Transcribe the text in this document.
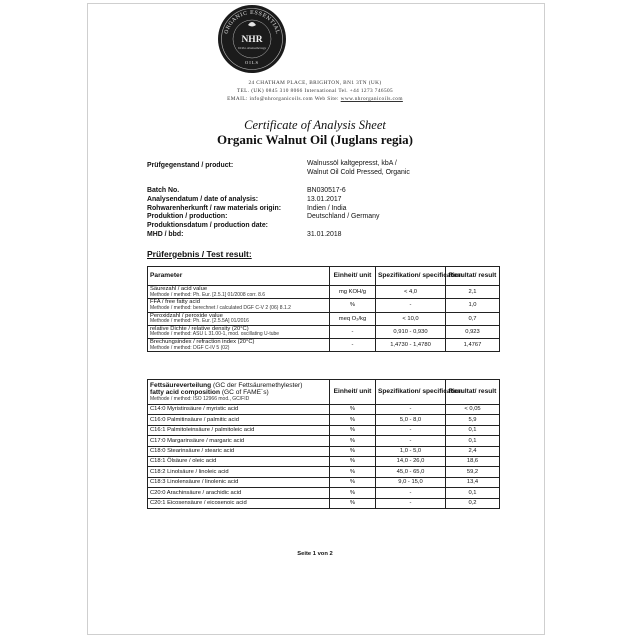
ORGANIC ESSENTIAL
NHR
Ortho Aromatherapy
OILS
24 CHATHAM PLACE, BRIGHTON, BN1 3TN (UK)
TEL. (UK) 0845 310 8066 International Tel. +44 1273 746505
EMAIL: info@nhrorganicoils.com Web Site: www.nhrorganicoils.com
Certificate of Analysis Sheet
Organic Walnut Oil (Juglans regia)
Prüfgegenstand / product:	Walnussöl kaltgepresst, kbA /
Walnut Oil Cold Pressed, Organic
Batch No.	BN030517-6
Analysendatum / date of analysis:	13.01.2017
Rohwarenherkunft / raw materials origin:	Indien / India
Produktion / production:	Deutschland / Germany
Produktionsdatum / production date:
MHD / bbd:	31.01.2018
Prüfergebnis / Test result:
Parameter	Einheit/ unit	Spezifikation/ specification	Resultat/ result

Säurezahl / acid value
Methode / method: Ph. Eur. [2.5.1] 01/2008 corr. 8.6	mg KOH/g	< 4,0	2,1

FFA / free fatty acid
Methode / method: berechnet / calculated DGF C-V 2 (06) 8.1.2	%	-	1,0

Peroxidzahl / peroxide value
Methode / method: Ph. Eur. [2.5.5A] 01/2016	meq O₂/kg	< 10,0	0,7

relative Dichte / relative density (20°C)
Methode / method: ASU L 31.00-1, mod. oscillating U-tube	-	0,910 - 0,930	0,923

Brechungsindex / refraction index (20°C)
Methode / method: DGF C-IV 5 (02)	-	1,4730 - 1,4780	1,4767
Fettsäureverteilung (GC der Fettsäuremethylester)
fatty acid composition (GC of FAME´s)
Methode / method: ISO 12966 mod., GC/FID	Einheit/ unit	Spezifikation/ specification	Resultat/ result
C14:0 Myristinsäure / myristic acid	%	-	< 0,05
C16:0 Palmitinsäure / palmitic acid	%	5,0 - 8,0	5,9
C16:1 Palmitoleinsäure / palmitoleic acid	%	-	0,1
C17:0 Margarinsäure / margaric acid	%	-	0,1
C18:0 Stearinsäure / stearic acid	%	1,0 - 5,0	2,4
C18:1 Ölsäure / oleic acid	%	14,0 - 26,0	18,6
C18:2 Linolsäure / linoleic acid	%	45,0 - 65,0	59,2
C18:3 Linolensäure / linolenic acid	%	9,0 - 15,0	13,4
C20:0 Arachinsäure / arachidic acid	%	-	0,1
C20:1 Eicosensäure / eicosenoic acid	%	-	0,2
Seite 1 von 2
